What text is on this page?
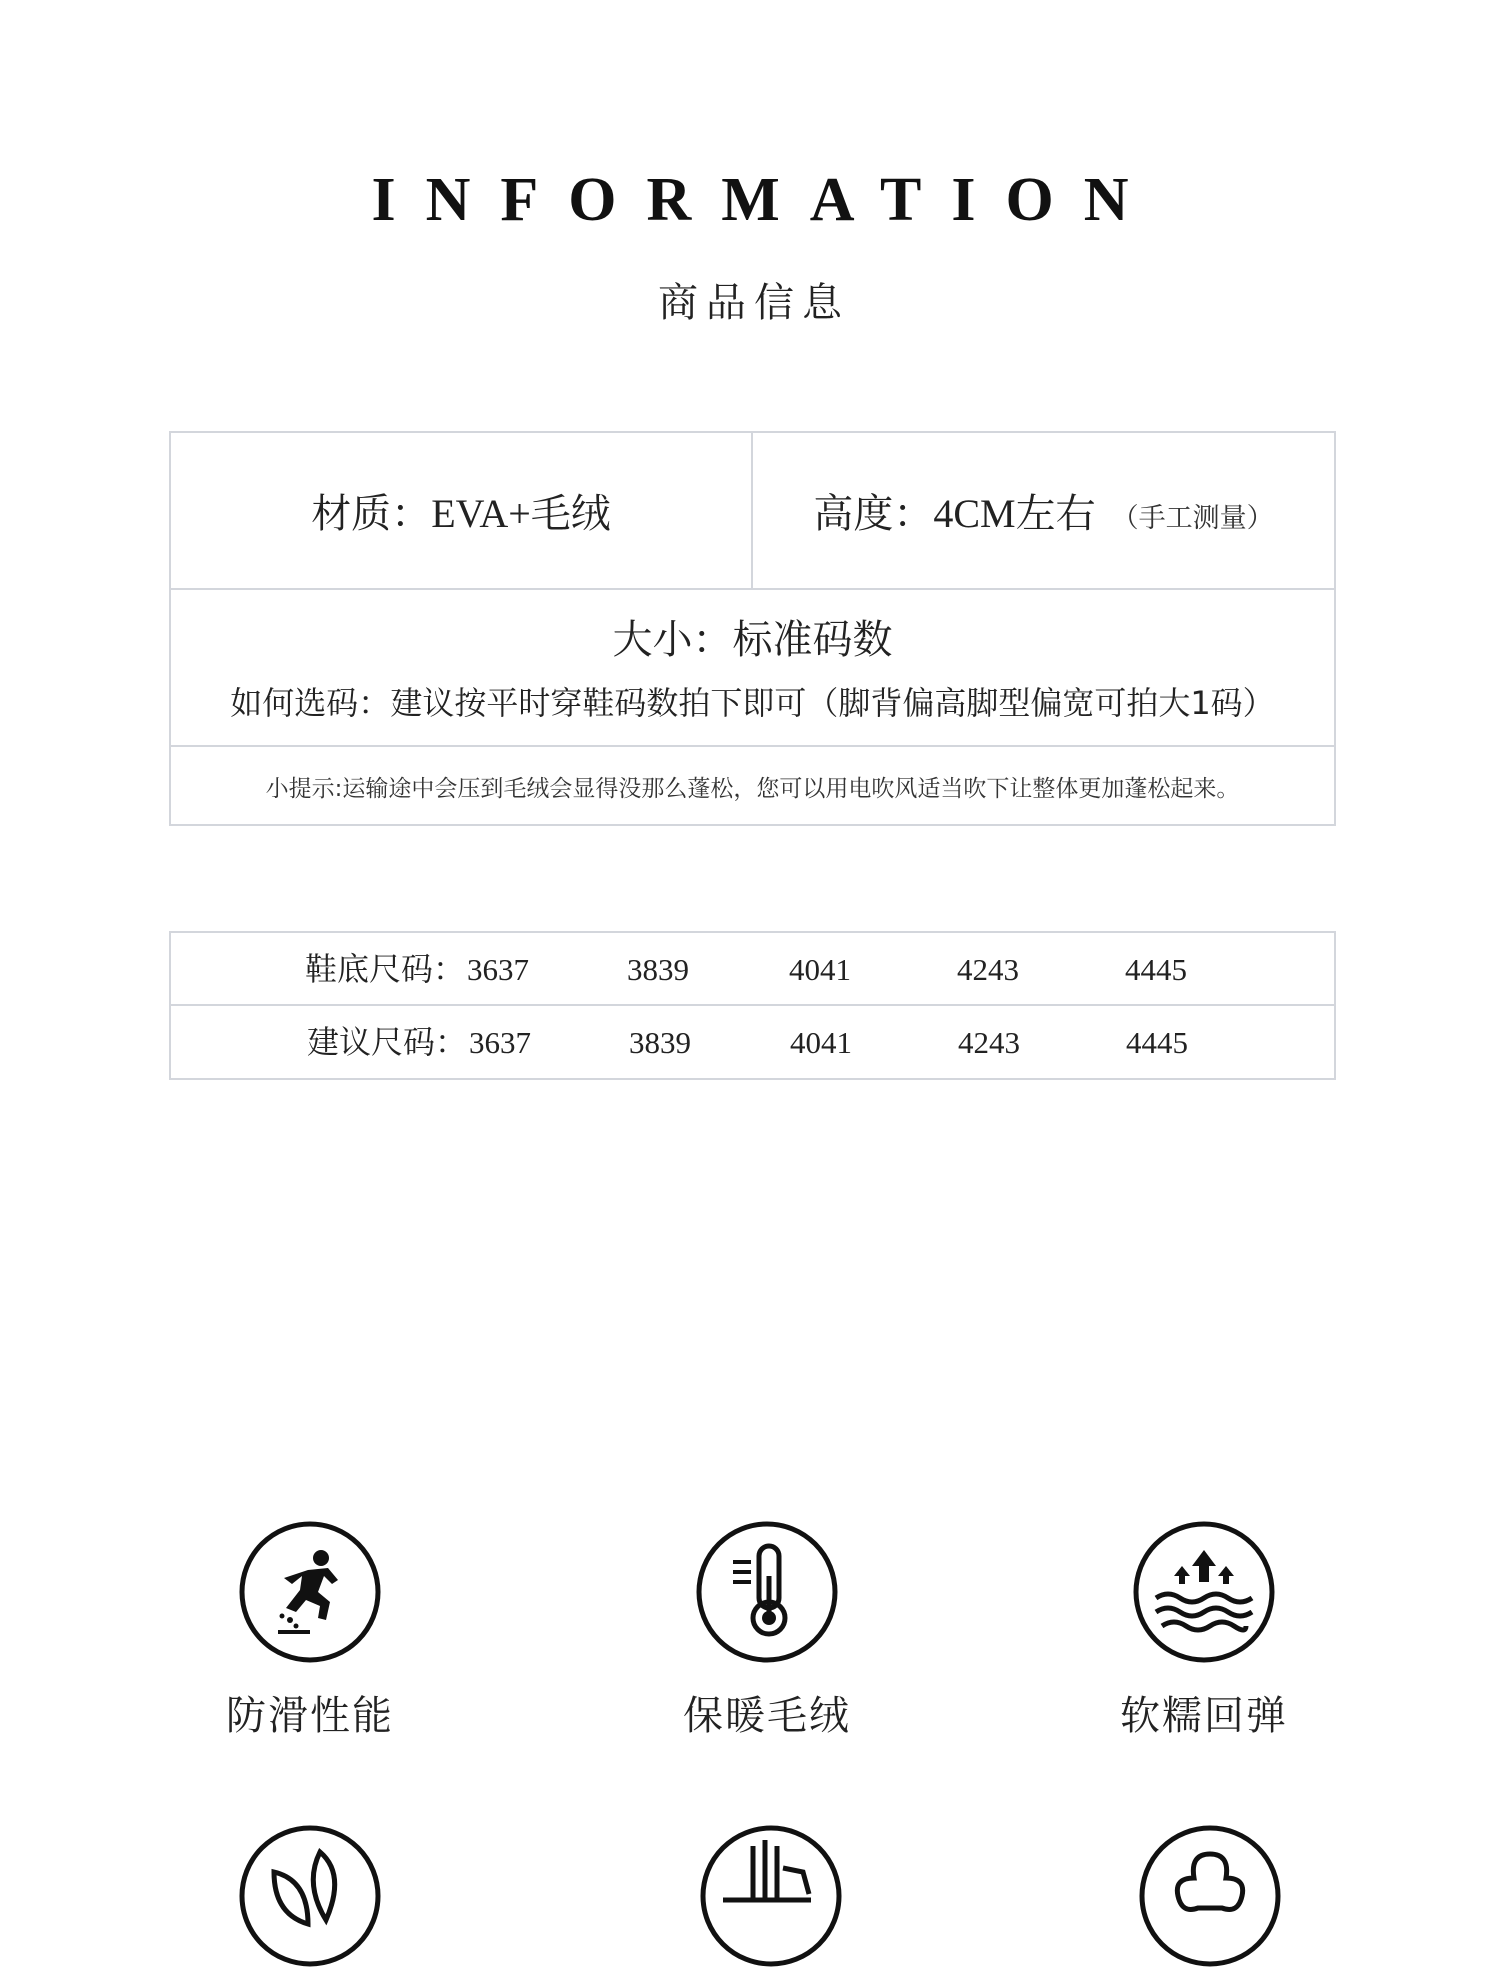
INFORMATION
商品信息
材质：EVA+毛绒	高度：4CM左右 （手工测量）
大小：标准码数
如何选码：建议按平时穿鞋码数拍下即可（脚背偏高脚型偏宽可拍大1码）
小提示:运输途中会压到毛绒会显得没那么蓬松，您可以用电吹风适当吹下让整体更加蓬松起来。
鞋底尺码： 3637	3839	4041	4243	4445
建议尺码： 3637	3839	4041	4243	4445
防滑性能	保暖毛绒	软糯回弹
